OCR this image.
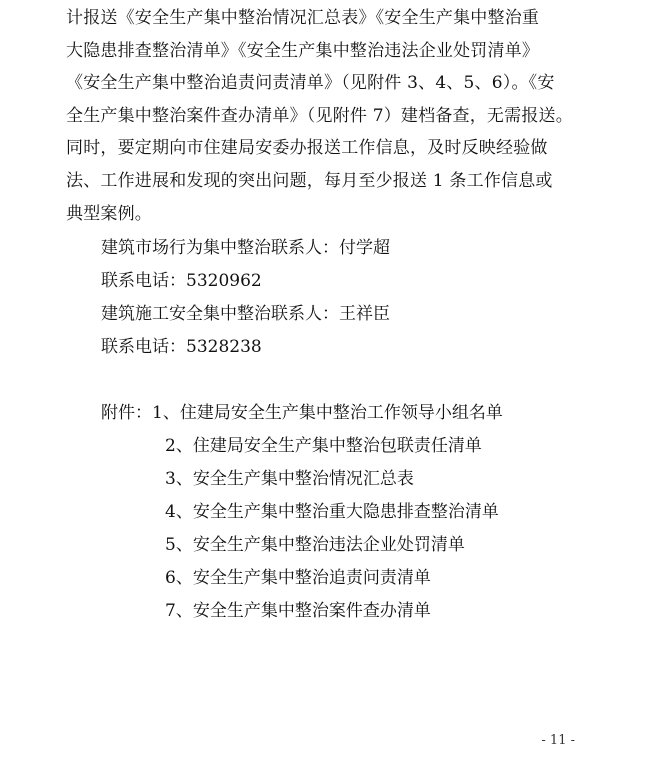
计报送《安全生产集中整治情况汇总表》《安全生产集中整治重
大隐患排查整治清单》《安全生产集中整治违法企业处罚清单》
《安全生产集中整治追责问责清单》（见附件 3、4、5、6）。《安
全生产集中整治案件查办清单》（见附件 7）建档备查，无需报送。
同时，要定期向市住建局安委办报送工作信息，及时反映经验做
法、工作进展和发现的突出问题，每月至少报送 1 条工作信息或
典型案例。
建筑市场行为集中整治联系人：付学超
联系电话：5320962
建筑施工安全集中整治联系人：王祥臣
联系电话：5328238
附件：1、住建局安全生产集中整治工作领导小组名单
2、住建局安全生产集中整治包联责任清单
3、安全生产集中整治情况汇总表
4、安全生产集中整治重大隐患排查整治清单
5、安全生产集中整治违法企业处罚清单
6、安全生产集中整治追责问责清单
7、安全生产集中整治案件查办清单
- 11 -
